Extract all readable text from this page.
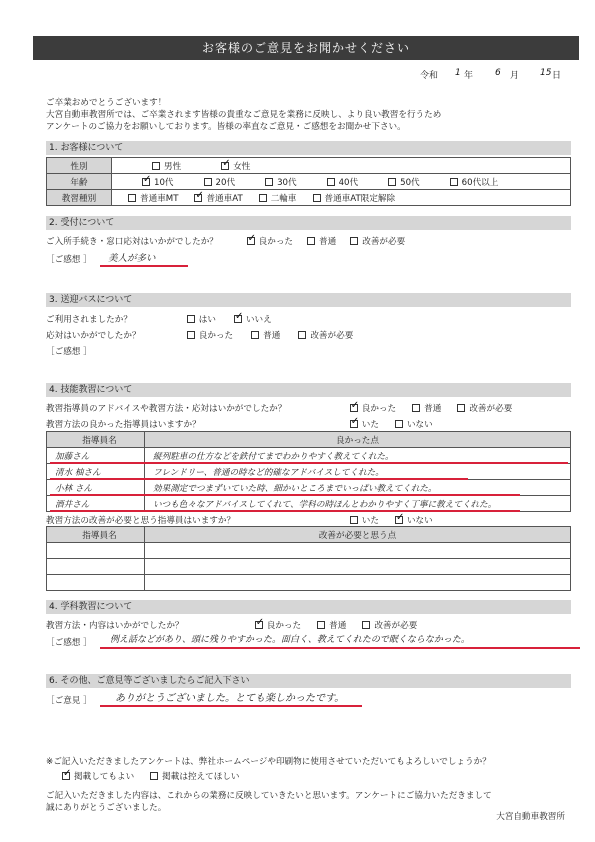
お客様のご意見をお聞かせください
令和 1 年 6 月 15 日
ご卒業おめでとうございます！
大宮自動車教習所では、ご卒業されます皆様の貴重なご意見を業務に反映し、より良い教習を行うため
アンケートのご協力をお願いしております。皆様の率直なご意見・ご感想をお聞かせ下さい。
1. お客様について
性別	男性 ✓ 女性
年齢	✓10代 20代 30代 40代 50代 60代以上
教習種別	普通車MT ✓ 普通車AT 二輪車 普通車AT限定解除
2. 受付について
ご入所手続き・窓口応対はいかがでしたか？ ✓	良かった	普通	改善が必要
［ ご感想 ］ 美人が多い
3. 送迎バスについて
ご利用されましたか？	はい ✓	いいえ
応対はいかがでしたか？	良かった	普通	改善が必要
［ ご感想 ］
4. 技能教習について
教習指導員のアドバイスや教習方法・応対はいかがでしたか？ ✓	良かった	普通	改善が必要
教習方法の良かった指導員はいますか？ ✓	いた	いない
指導員名	良かった点
加藤さん	縦列駐車の仕方などを鉄付てまでわかりやすく教えてくれた。
清水 柚さん	フレンドリー、普通の時など的確なアドバイスしてくれた。
小林 さん	効果測定でつまずいていた時、細かいところまでいっぱい教えてくれた。
酒井さん	いつも色々なアドバイスしてくれて、学科の時ほんとわかりやすく丁寧に教えてくれた。
教習方法の改善が必要と思う指導員はいますか？	いた ✓	いない
指導員名	改善が必要と思う点

4. 学科教習について
教習方法・内容はいかがでしたか？ ✓	良かった	普通	改善が必要
［ ご感想 ］ 例え話などがあり、頭に残りやすかった。面白く、教えてくれたので眠くならなかった。
6. その他、ご意見等ございましたらご記入下さい
［ ご意見 ］ ありがとうございました。とても楽しかったです。
※ご記入いただきましたアンケートは、弊社ホームページや印刷物に使用させていただいてもよろしいでしょうか？
✓掲載してもよい	掲載は控えてほしい
ご記入いただきました内容は、これからの業務に反映していきたいと思います。アンケートにご協力いただきまして
誠にありがとうございました。
大宮自動車教習所
